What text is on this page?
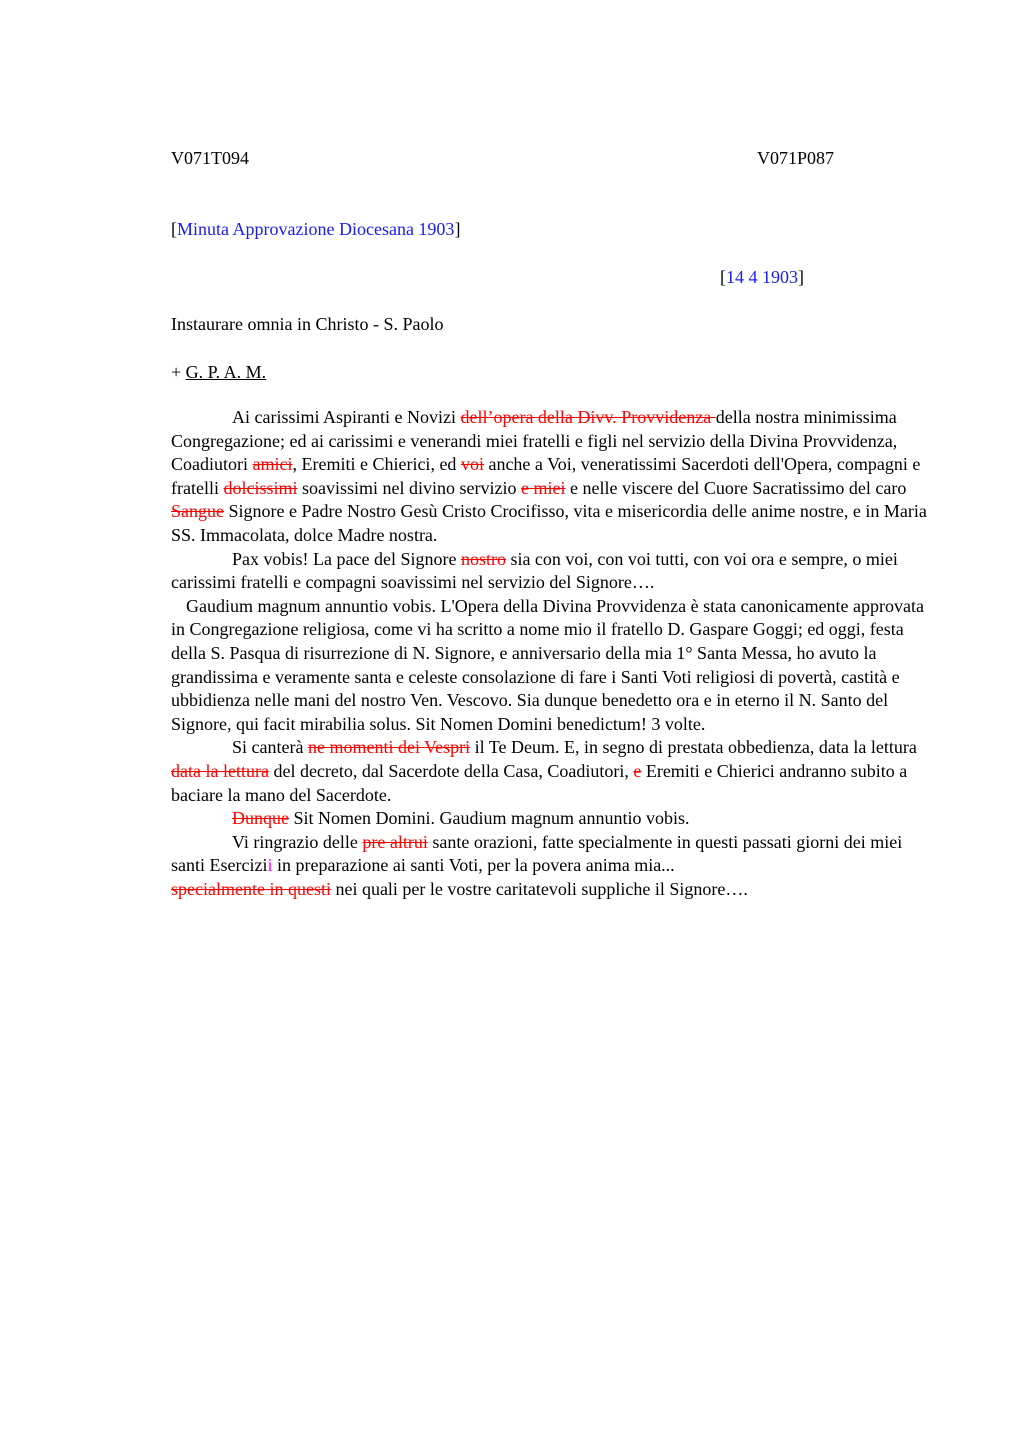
V071T094	V071P087
[Minuta Approvazione Diocesana 1903]
[14 4 1903]
Instaurare omnia in Christo - S. Paolo
+ G. P. A. M.

Ai carissimi Aspiranti e Novizi dell’opera della Divv. Provvidenza della nostra minimissima Congregazione; ed ai carissimi e venerandi miei fratelli e figli nel servizio della Divina Provvidenza, Coadiutori amici, Eremiti e Chierici, ed voi anche a Voi, veneratissimi Sacerdoti dell'Opera, compagni e fratelli dolcissimi soavissimi nel divino servizio e miei e nelle viscere del Cuore Sacratissimo del caro Sangue Signore e Padre Nostro Gesù Cristo Crocifisso, vita e misericordia delle anime nostre, e in Maria SS. Immacolata, dolce Madre nostra.

Pax vobis! La pace del Signore nostro sia con voi, con voi tutti, con voi ora e sempre, o miei carissimi fratelli e compagni soavissimi nel servizio del Signore….

Gaudium magnum annuntio vobis. L'Opera della Divina Provvidenza è stata canonicamente approvata in Congregazione religiosa, come vi ha scritto a nome mio il fratello D. Gaspare Goggi; ed oggi, festa della S. Pasqua di risurrezione di N. Signore, e anniversario della mia 1° Santa Messa, ho avuto la grandissima e veramente santa e celeste consolazione di fare i Santi Voti religiosi di povertà, castità e ubbidienza nelle mani del nostro Ven. Vescovo. Sia dunque benedetto ora e in eterno il N. Santo del Signore, qui facit mirabilia solus. Sit Nomen Domini benedictum! 3 volte.

Si canterà ne momenti dei Vespri il Te Deum. E, in segno di prestata obbedienza, data la lettura data la lettura del decreto, dal Sacerdote della Casa, Coadiutori, e Eremiti e Chierici andranno subito a baciare la mano del Sacerdote.

Dunque Sit Nomen Domini. Gaudium magnum annuntio vobis.

Vi ringrazio delle pre altrui sante orazioni, fatte specialmente in questi passati giorni dei miei santi Esercizii in preparazione ai santi Voti, per la povera anima mia...
specialmente in questi nei quali per le vostre caritatevoli suppliche il Signore….
